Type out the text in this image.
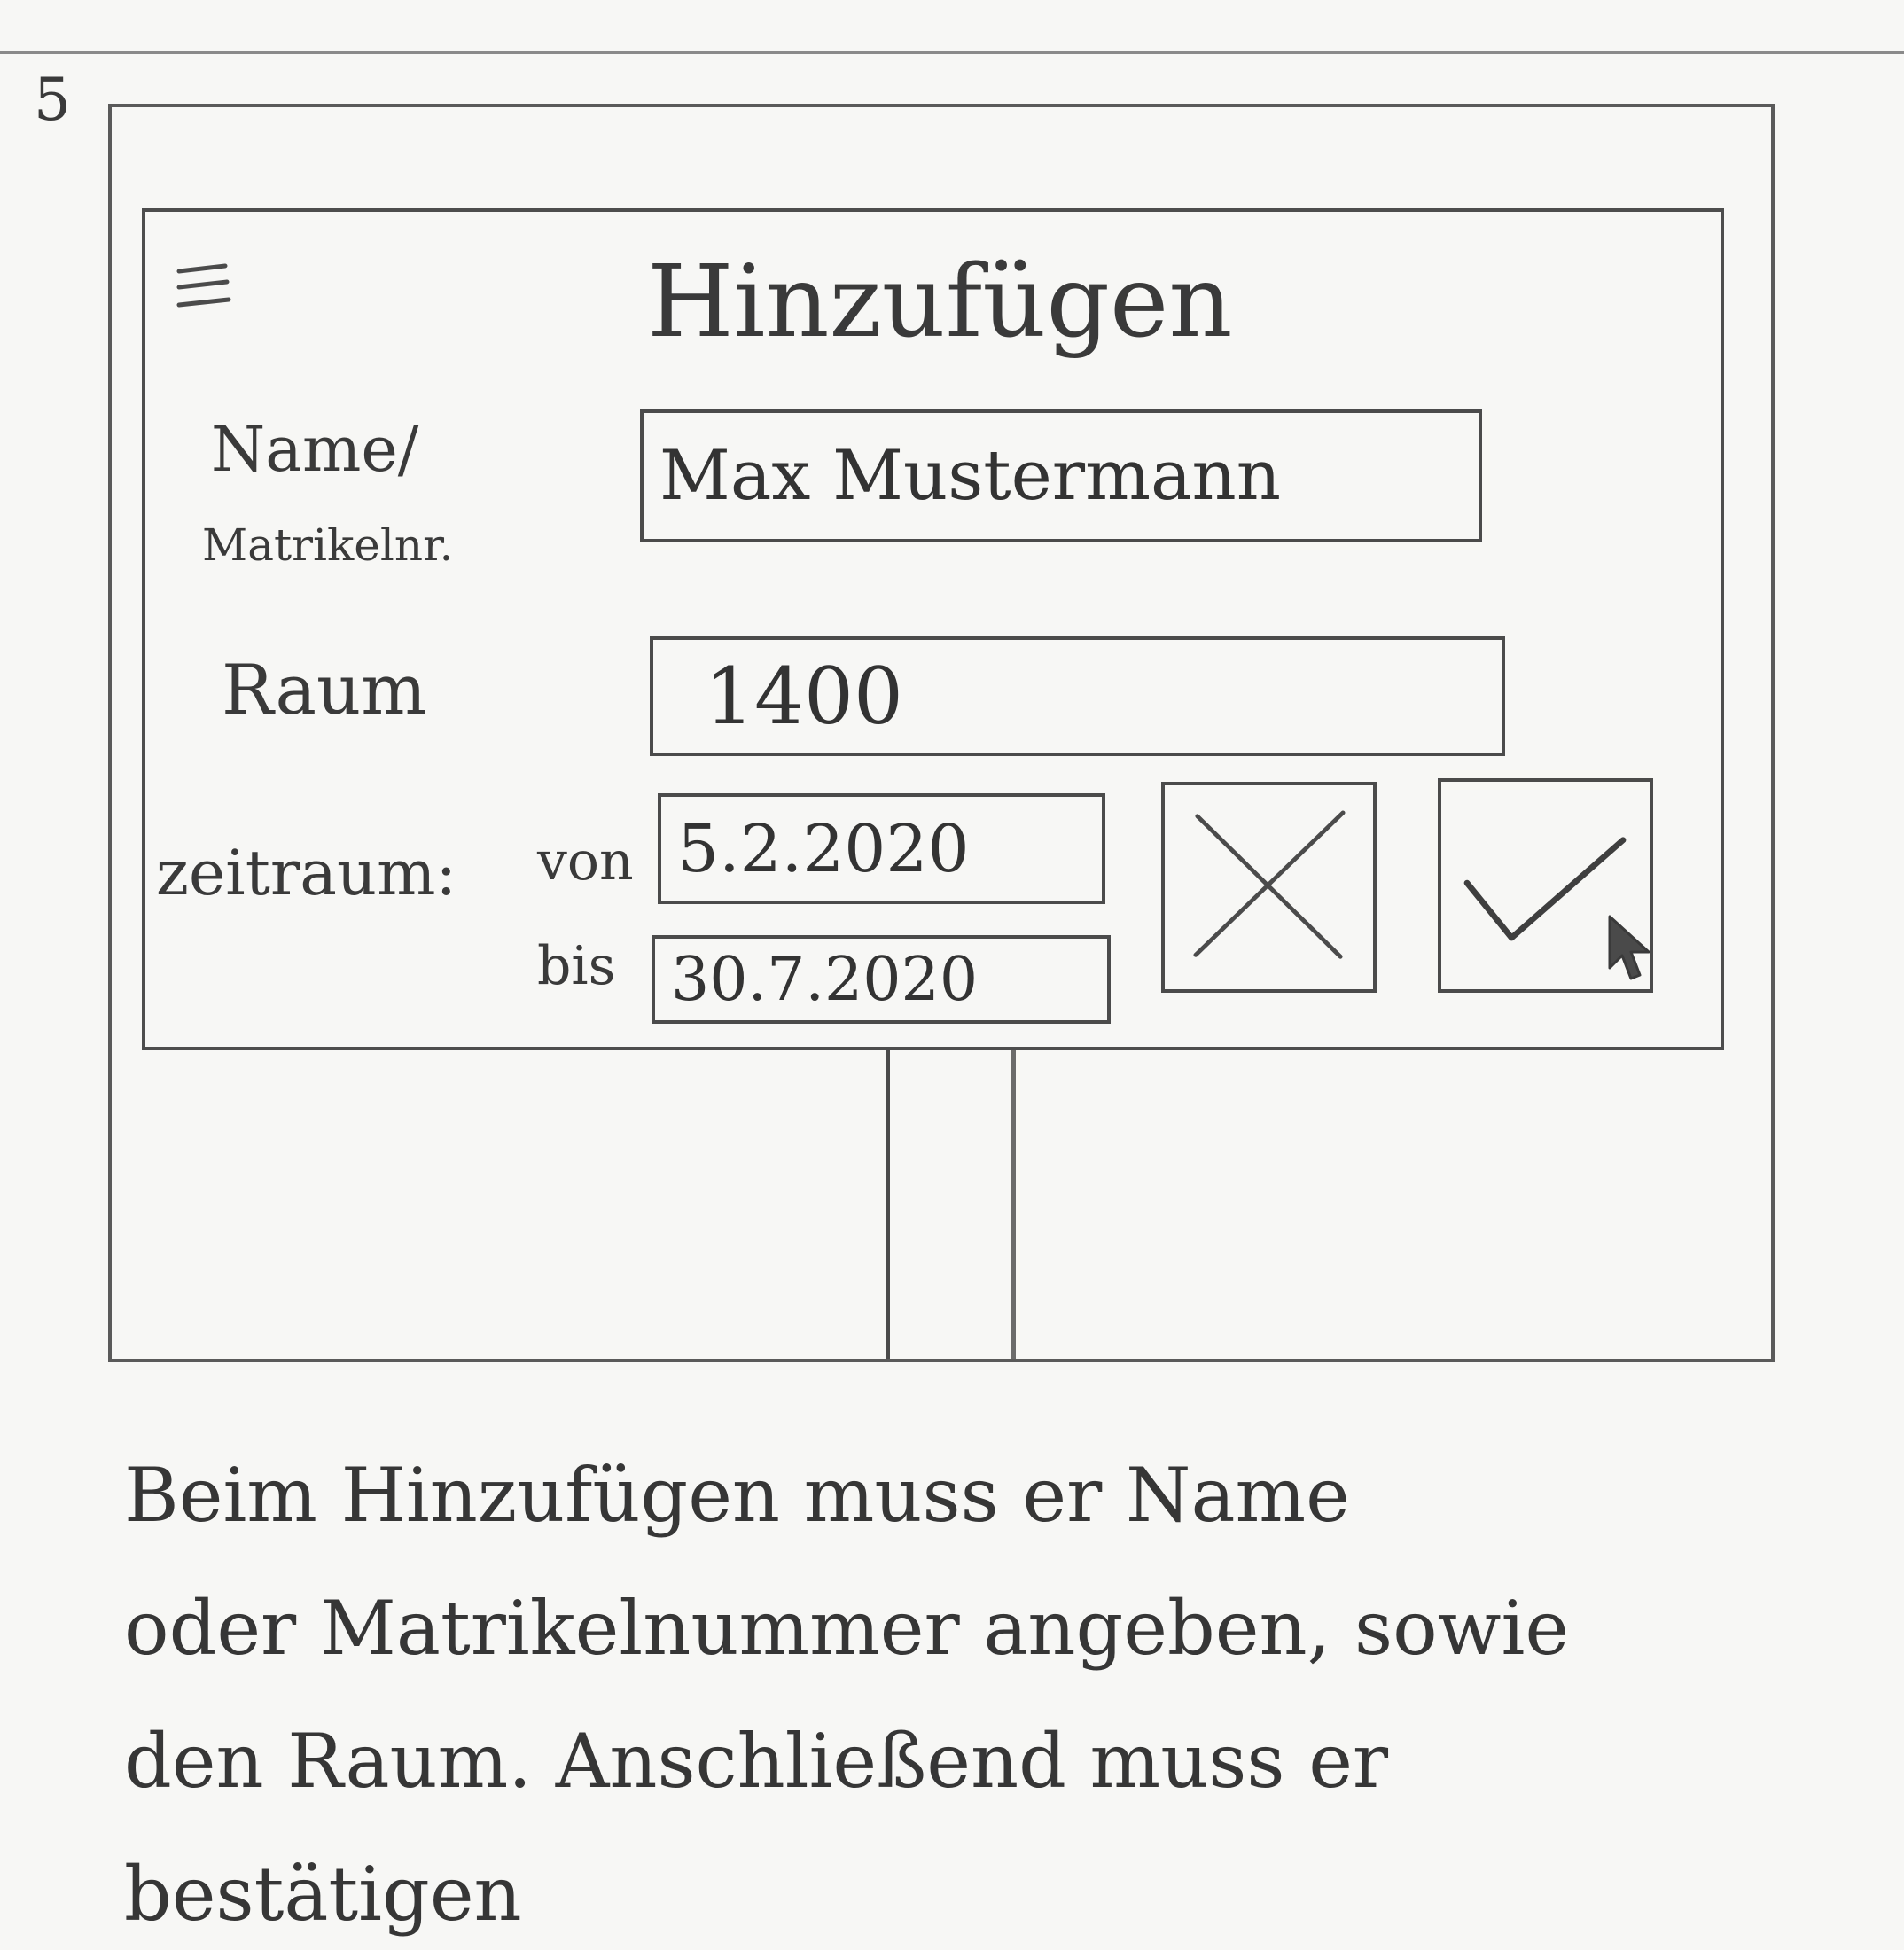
5
Hinzufügen
Name/
Matrikelnr.
Max Mustermann
Raum	1400
zeitraum: von 5.2.2020
bis 30.7.2020
Beim Hinzufügen muss er Name
oder Matrikelnummer angeben, sowie
den Raum. Anschließend muss er
bestätigen
